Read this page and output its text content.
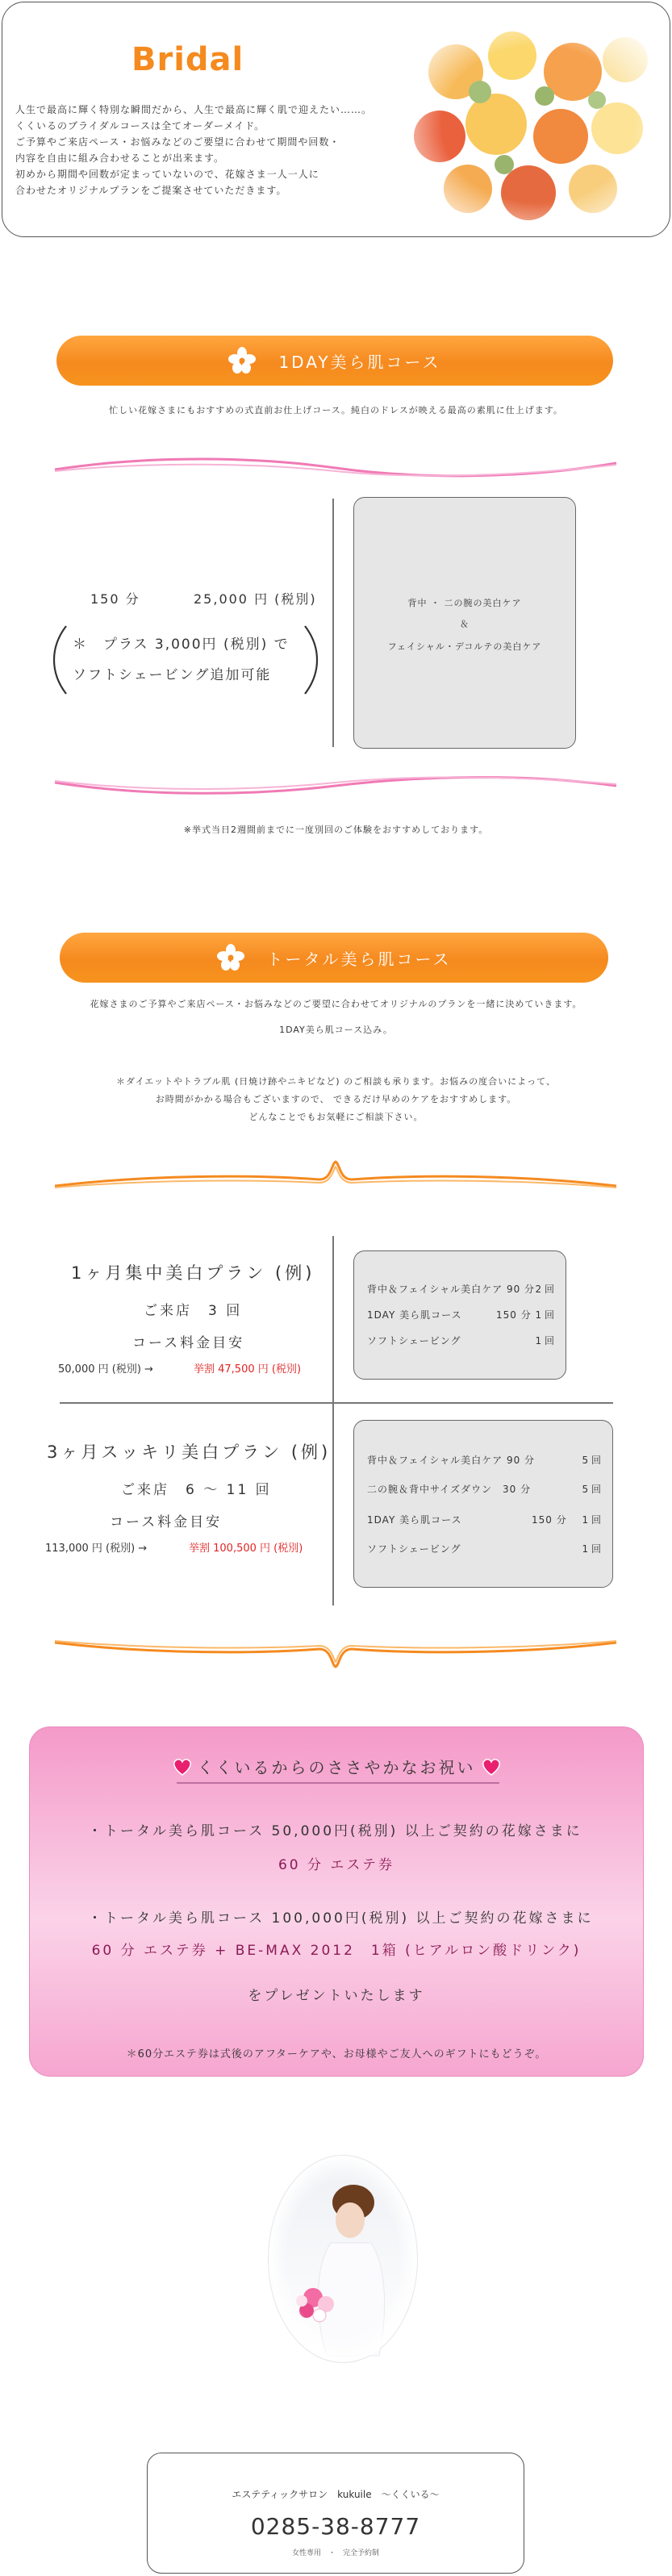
Bridal
人生で最高に輝く特別な瞬間だから、人生で最高に輝く肌で迎えたい……。
くくいるのブライダルコースは全てオーダーメイド。
ご予算やご来店ペース・お悩みなどのご要望に合わせて期間や回数・
内容を自由に組み合わせることが出来ます。
初めから期間や回数が定まっていないので、花嫁さま一人一人に
合わせたオリジナルプランをご提案させていただきます。
1DAY美ら肌コース
忙しい花嫁さまにもおすすめの式直前お仕上げコース。純白のドレスが映える最高の素肌に仕上げます。
150 分	25,000 円 (税別)
＊　プラス 3,000円 (税別) で
ソフトシェービング追加可能
背中 ・ 二の腕の美白ケア
＆
フェイシャル・デコルテの美白ケア
※挙式当日2週間前までに一度別回のご体験をおすすめしております。
トータル美ら肌コース
花嫁さまのご予算やご来店ペース・お悩みなどのご要望に合わせてオリジナルのプランを一緒に決めていきます。
1DAY美ら肌コース込み。
＊ダイエットやトラブル肌 (日焼け跡やニキビなど) のご相談も承ります。お悩みの度合いによって、
お時間がかかる場合もございますので、 できるだけ早めのケアをおすすめします。
どんなことでもお気軽にご相談下さい。
1ヶ月集中美白プラン (例)
ご来店　3 回
コース料金目安
50,000 円 (税別) →	挙割 47,500 円 (税別)
背中＆フェイシャル美白ケア 90 分 2 回
1DAY 美ら肌コース	150 分 1 回
ソフトシェービング	1 回
3ヶ月スッキリ美白プラン (例)
ご来店　6 ～ 11 回
コース料金目安
113,000 円 (税別) →	挙割 100,500 円 (税別)
背中＆フェイシャル美白ケア 90 分	5 回
二の腕＆背中サイズダウン　30 分	5 回
1DAY 美ら肌コース	150 分 1 回
ソフトシェービング	1 回
くくいるからのささやかなお祝い
・トータル美ら肌コース 50,000円(税別) 以上ご契約の花嫁さまに
60 分 エステ券
・トータル美ら肌コース 100,000円(税別) 以上ご契約の花嫁さまに
60 分 エステ券 + BE-MAX 2012　1箱 (ヒアルロン酸ドリンク)
をプレゼントいたします
＊60分エステ券は式後のアフターケアや、お母様やご友人へのギフトにもどうぞ。
エステティックサロン　kukuile　～くくいる～
0285-38-8777
女性専用　・　完全予約制
